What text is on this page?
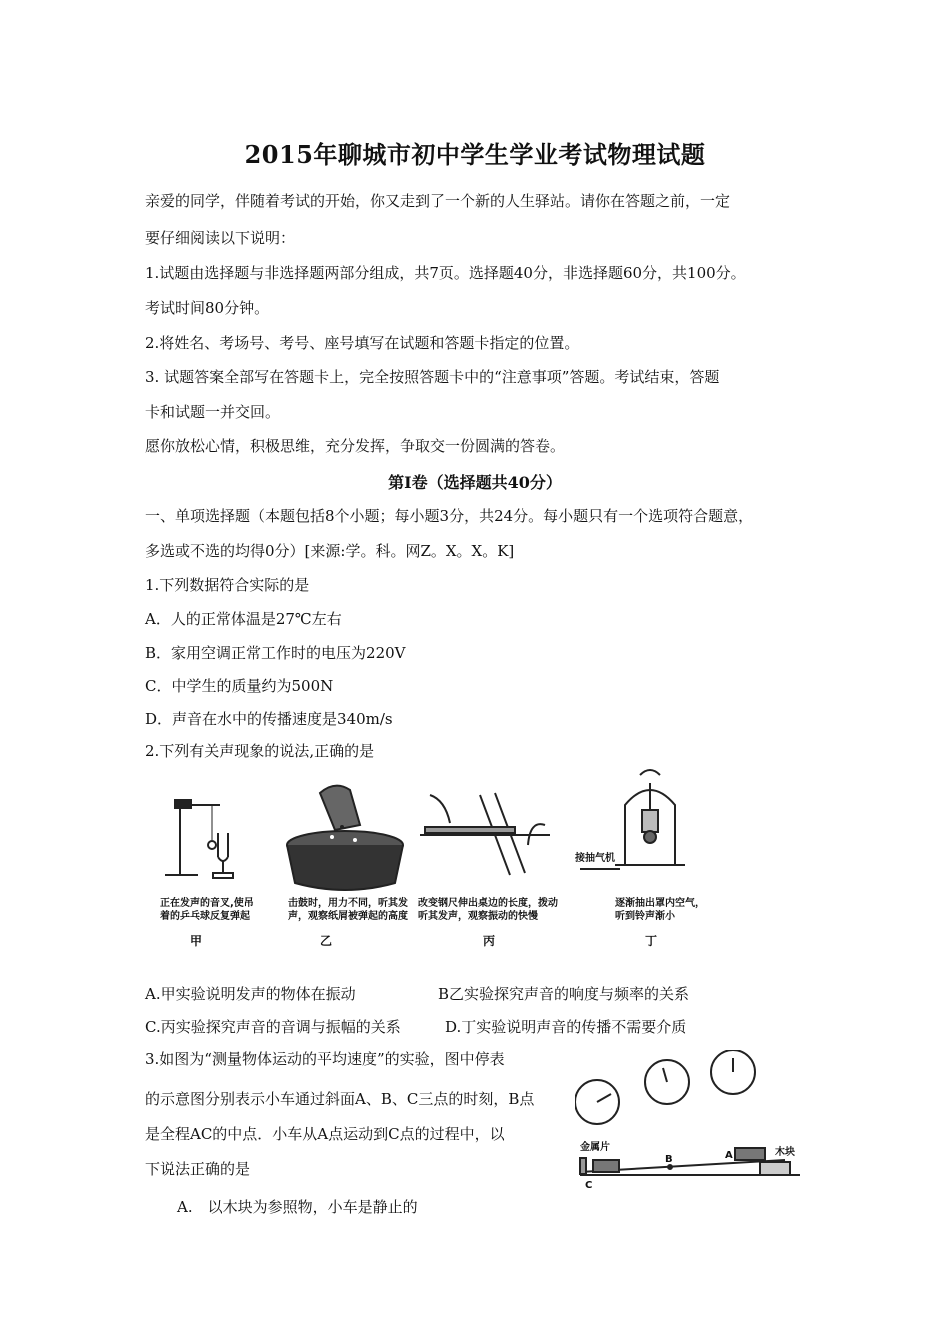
2015年聊城市初中学生学业考试物理试题
亲爱的同学，伴随着考试的开始，你又走到了一个新的人生驿站。请你在答题之前，一定
要仔细阅读以下说明：
1.试题由选择题与非选择题两部分组成，共7页。选择题40分，非选择题60分，共100分。
考试时间80分钟。
2.将姓名、考场号、考号、座号填写在试题和答题卡指定的位置。
3. 试题答案全部写在答题卡上，完全按照答题卡中的“注意事项”答题。考试结束，答题
卡和试题一并交回。
愿你放松心情，积极思维，充分发挥，争取交一份圆满的答卷。
第Ⅰ卷（选择题共40分）
一、单项选择题（本题包括8个小题；每小题3分，共24分。每小题只有一个选项符合题意，
多选或不选的均得0分）[来源:学。科。网Z。X。X。K]
1.下列数据符合实际的是
A．人的正常体温是27℃左右
B．家用空调正常工作时的电压为220V
C．中学生的质量约为500N
D．声音在水中的传播速度是340m/s
2.下列有关声现象的说法,正确的是
正在发声的音叉,使吊
着的乒乓球反复弹起
甲
击鼓时，用力不同，听其发
声，观察纸屑被弹起的高度
乙
改变钢尺伸出桌边的长度，拨动
听其发声，观察振动的快慢
丙
接抽气机
逐渐抽出罩内空气，
听到铃声渐小
丁
A.甲实验说明发声的物体在振动	B乙实验探究声音的响度与频率的关系
C.丙实验探究声音的音调与振幅的关系	D.丁实验说明声音的传播不需要介质
3.如图为“测量物体运动的平均速度”的实验，图中停表
的示意图分别表示小车通过斜面A、B、C三点的时刻，B点
是全程AC的中点．小车从A点运动到C点的过程中，以
下说法正确的是
A.　以木块为参照物，小车是静止的
A
B
C
金属片	木块
